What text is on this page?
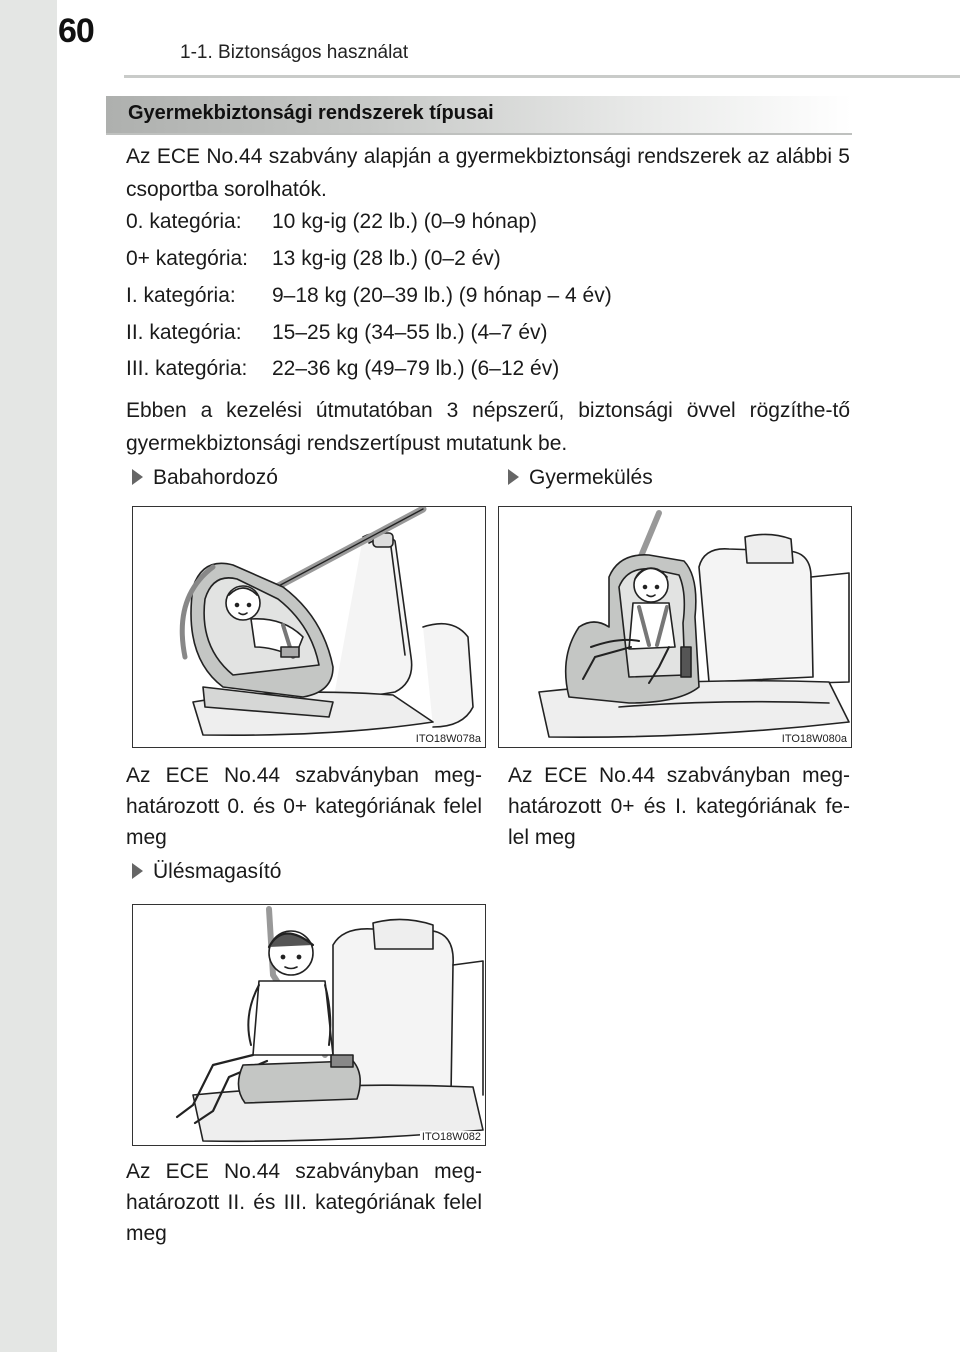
60
1-1. Biztonságos használat
Gyermekbiztonsági rendszerek típusai
Az ECE No.44 szabvány alapján a gyermekbiztonsági rendszerek az alábbi 5 csoportba sorolhatók.
0. kategória: 10 kg-ig (22 lb.) (0–9 hónap)
0+ kategória: 13 kg-ig (28 lb.) (0–2 év)
I. kategória: 9–18 kg (20–39 lb.) (9 hónap – 4 év)
II. kategória: 15–25 kg (34–55 lb.) (4–7 év)
III. kategória: 22–36 kg (49–79 lb.) (6–12 év)
Ebben a kezelési útmutatóban 3 népszerű, biztonsági övvel rögzíthe-tő gyermekbiztonsági rendszertípust mutatunk be.
Babahordozó
ITO18W078a
Az ECE No.44 szabványban meg-határozott 0. és 0+ kategóriának felel meg
Gyermekülés
ITO18W080a
Az ECE No.44 szabványban meg-határozott 0+ és I. kategóriának fe-lel meg
Ülésmagasító
ITO18W082
Az ECE No.44 szabványban meg-határozott II. és III. kategóriának felel meg
